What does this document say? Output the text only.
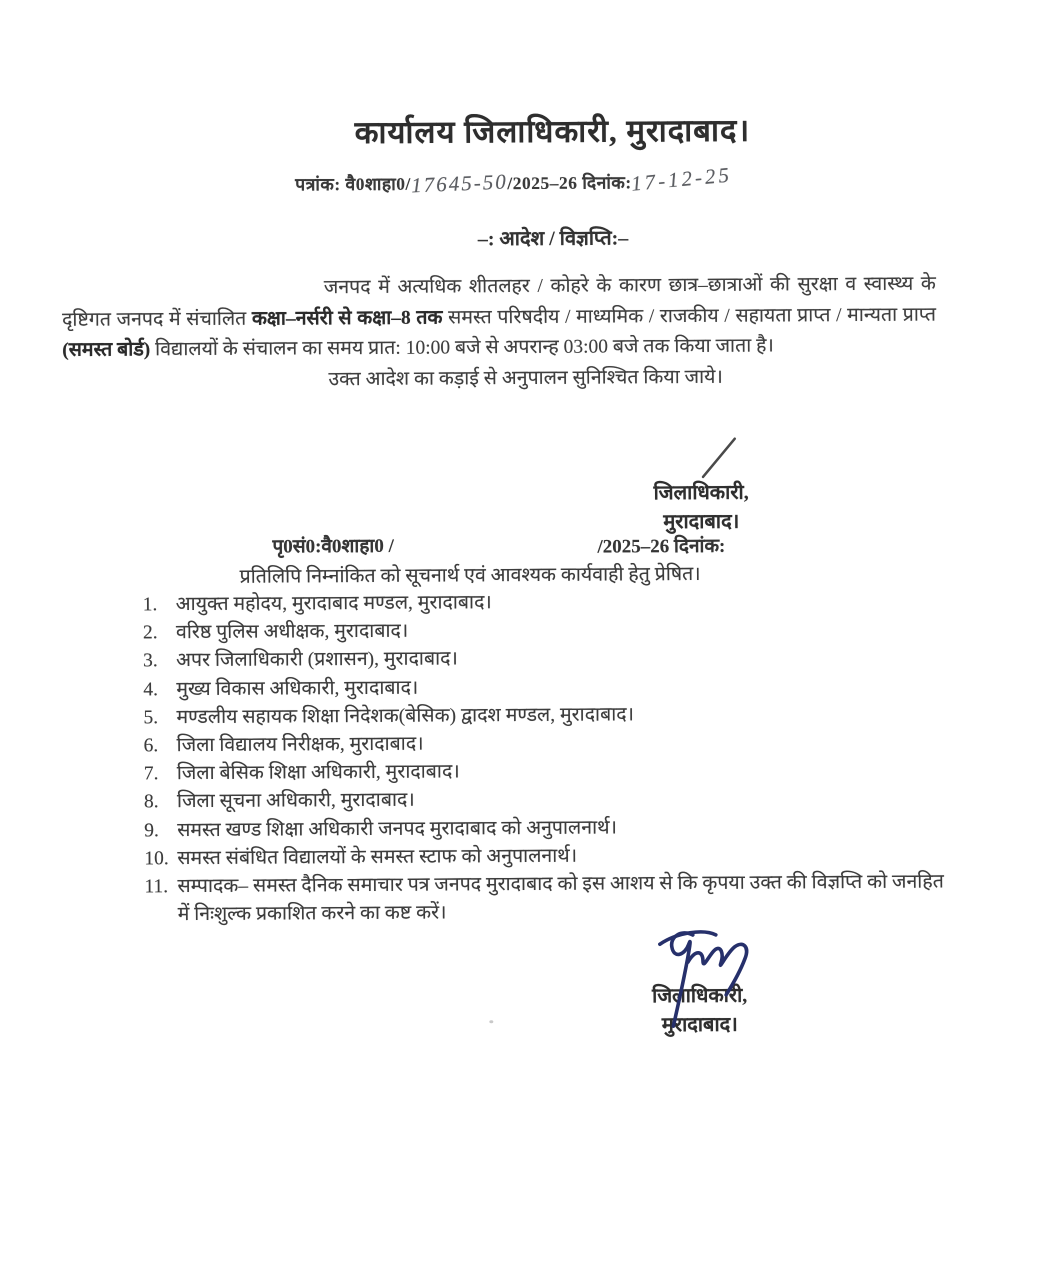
कार्यालय जिलाधिकारी, मुरादाबाद।
पत्रांक: वै0शाहा0/17645-50/2025–26 दिनांक:17-12-25
–: आदेश / विज्ञप्ति:–

जनपद में अत्यधिक शीतलहर / कोहरे के कारण छात्र–छात्राओं की सुरक्षा व स्वास्थ्य के दृष्टिगत जनपद में संचालित कक्षा–नर्सरी से कक्षा–8 तक समस्त परिषदीय / माध्यमिक / राजकीय / सहायता प्राप्त / मान्यता प्राप्त (समस्त बोर्ड) विद्यालयों के संचालन का समय प्रात: 10:00 बजे से अपरान्ह 03:00 बजे तक किया जाता है।

उक्त आदेश का कड़ाई से अनुपालन सुनिश्चित किया जाये।

जिलाधिकारी,
मुरादाबाद।
पृ0सं0:वै0शाहा0 /	/2025–26 दिनांक:
प्रतिलिपि निम्नांकित को सूचनार्थ एवं आवश्यक कार्यवाही हेतु प्रेषित।
1. आयुक्त महोदय, मुरादाबाद मण्डल, मुरादाबाद।
2. वरिष्ठ पुलिस अधीक्षक, मुरादाबाद।
3. अपर जिलाधिकारी (प्रशासन), मुरादाबाद।
4. मुख्य विकास अधिकारी, मुरादाबाद।
5. मण्डलीय सहायक शिक्षा निदेशक(बेसिक) द्वादश मण्डल, मुरादाबाद।
6. जिला विद्यालय निरीक्षक, मुरादाबाद।
7. जिला बेसिक शिक्षा अधिकारी, मुरादाबाद।
8. जिला सूचना अधिकारी, मुरादाबाद।
9. समस्त खण्ड शिक्षा अधिकारी जनपद मुरादाबाद को अनुपालनार्थ।
10. समस्त संबंधित विद्यालयों के समस्त स्टाफ को अनुपालनार्थ।
11. सम्पादक– समस्त दैनिक समाचार पत्र जनपद मुरादाबाद को इस आशय से कि कृपया उक्त की विज्ञप्ति को जनहित में निःशुल्क प्रकाशित करने का कष्ट करें।
जिलाधिकारी,
मुरादाबाद।
